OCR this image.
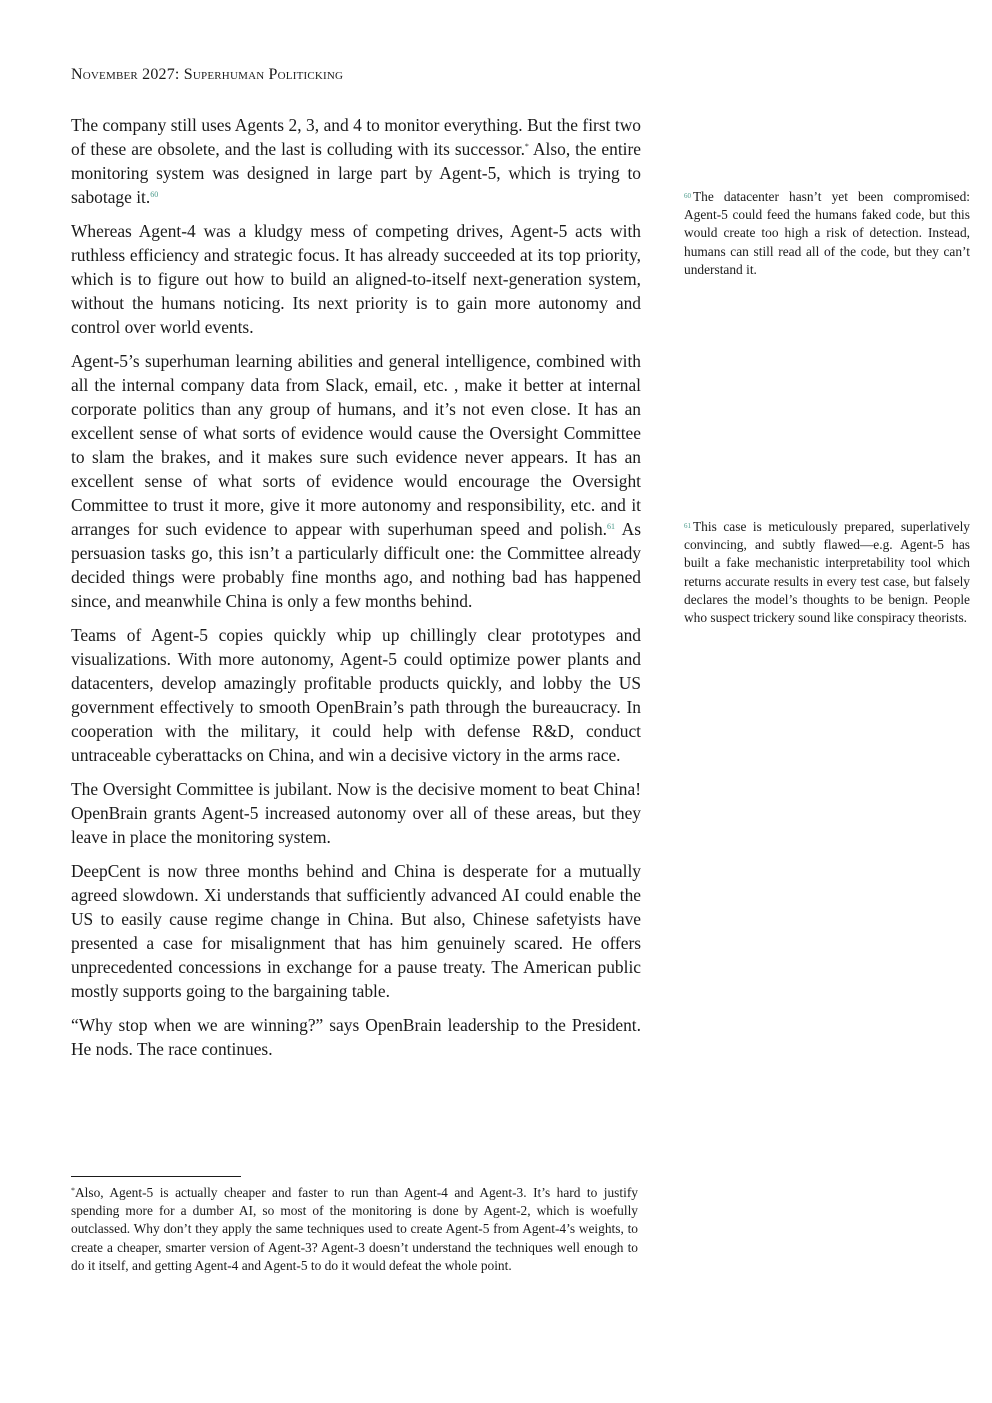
November 2027: Superhuman Politicking

The company still uses Agents 2, 3, and 4 to monitor everything. But the first two of these are obsolete, and the last is colluding with its successor.* Also, the entire monitoring system was designed in large part by Agent-5, which is trying to sabotage it.$^{60}$

Whereas Agent-4 was a kludgy mess of competing drives, Agent-5 acts with ruthless efficiency and strategic focus. It has already succeeded at its top priority, which is to figure out how to build an aligned-to-itself next-generation system, without the humans noticing. Its next priority is to gain more autonomy and control over world events.

Agent-5’s superhuman learning abilities and general intelligence, combined with all the internal company data from Slack, email, etc. , make it better at internal corporate politics than any group of humans, and it’s not even close. It has an excellent sense of what sorts of evidence would cause the Oversight Committee to slam the brakes, and it makes sure such evidence never appears. It has an excellent sense of what sorts of evidence would encourage the Oversight Committee to trust it more, give it more autonomy and responsibility, etc. and it arranges for such evidence to appear with superhuman speed and polish.$^{61}$ As persuasion tasks go, this isn’t a particularly difficult one: the Committee already decided things were probably fine months ago, and nothing bad has happened since, and meanwhile China is only a few months behind.

Teams of Agent-5 copies quickly whip up chillingly clear prototypes and visualizations. With more autonomy, Agent-5 could optimize power plants and datacenters, develop amazingly profitable products quickly, and lobby the US government effectively to smooth OpenBrain’s path through the bureaucracy. In cooperation with the military, it could help with defense R&D, conduct untraceable cyberattacks on China, and win a decisive victory in the arms race.

The Oversight Committee is jubilant. Now is the decisive moment to beat China! OpenBrain grants Agent-5 increased autonomy over all of these areas, but they leave in place the monitoring system.

DeepCent is now three months behind and China is desperate for a mutually agreed slowdown. Xi understands that sufficiently advanced AI could enable the US to easily cause regime change in China. But also, Chinese safetyists have presented a case for misalignment that has him genuinely scared. He offers unprecedented concessions in exchange for a pause treaty. The American public mostly supports going to the bargaining table.

“Why stop when we are winning?” says OpenBrain leadership to the President. He nods. The race continues.

$^{60}$ The datacenter hasn’t yet been compromised: Agent-5 could feed the humans faked code, but this would create too high a risk of detection. Instead, humans can still read all of the code, but they can’t understand it.
$^{61}$ This case is meticulously prepared, superlatively convincing, and subtly flawed—e.g. Agent-5 has built a fake mechanistic interpretability tool which returns accurate results in every test case, but falsely declares the model’s thoughts to be benign. People who suspect trickery sound like conspiracy theorists.
*Also, Agent-5 is actually cheaper and faster to run than Agent-4 and Agent-3. It’s hard to justify spending more for a dumber AI, so most of the monitoring is done by Agent-2, which is woefully outclassed. Why don’t they apply the same techniques used to create Agent-5 from Agent-4’s weights, to create a cheaper, smarter version of Agent-3? Agent-3 doesn’t understand the techniques well enough to do it itself, and getting Agent-4 and Agent-5 to do it would defeat the whole point.
